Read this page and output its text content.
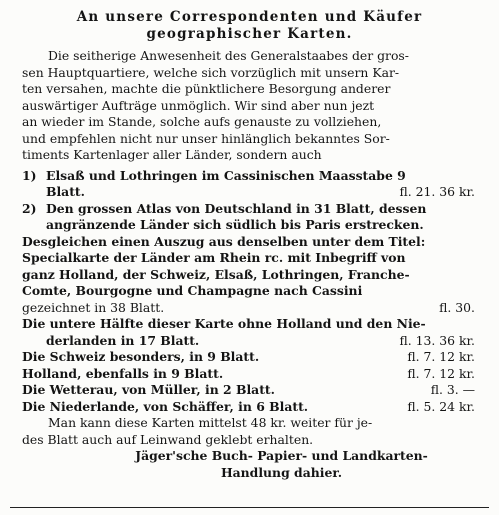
An unsere Correspondenten und Käufer
geographischer Karten.
Die seitherige Anwesenheit des Generalstaabes der gros-
sen Hauptquartiere, welche sich vorzüglich mit unsern Kar-
ten versahen, machte die pünktlichere Besorgung anderer
auswärtiger Aufträge unmöglich. Wir sind aber nun jezt
an wieder im Stande, solche aufs genauste zu vollziehen,
und empfehlen nicht nur unser hinlänglich bekanntes Sor-
timents Kartenlager aller Länder, sondern auch
1) Elsaß und Lothringen im Cassinischen Maasstabe 9
Blatt.	fl. 21. 36 kr.
2) Den grossen Atlas von Deutschland in 31 Blatt, dessen
angränzende Länder sich südlich bis Paris erstrecken.
Desgleichen einen Auszug aus denselben unter dem Titel:
Specialkarte der Länder am Rhein rc. mit Inbegriff von
ganz Holland, der Schweiz, Elsaß, Lothringen, Franche-
Comte, Bourgogne und Champagne nach Cassini
gezeichnet in 38 Blatt.	fl. 30.
Die untere Hälfte dieser Karte ohne Holland und den Nie-
derlanden in 17 Blatt.	fl. 13. 36 kr.
Die Schweiz besonders, in 9 Blatt.	fl. 7. 12 kr.
Holland, ebenfalls in 9 Blatt.	fl. 7. 12 kr.
Die Wetterau, von Müller, in 2 Blatt.	fl. 3. —
Die Niederlande, von Schäffer, in 6 Blatt.	fl. 5. 24 kr.
Man kann diese Karten mittelst 48 kr. weiter für je-
des Blatt auch auf Leinwand geklebt erhalten.
Jäger'sche Buch- Papier- und Landkarten-
Handlung dahier.
